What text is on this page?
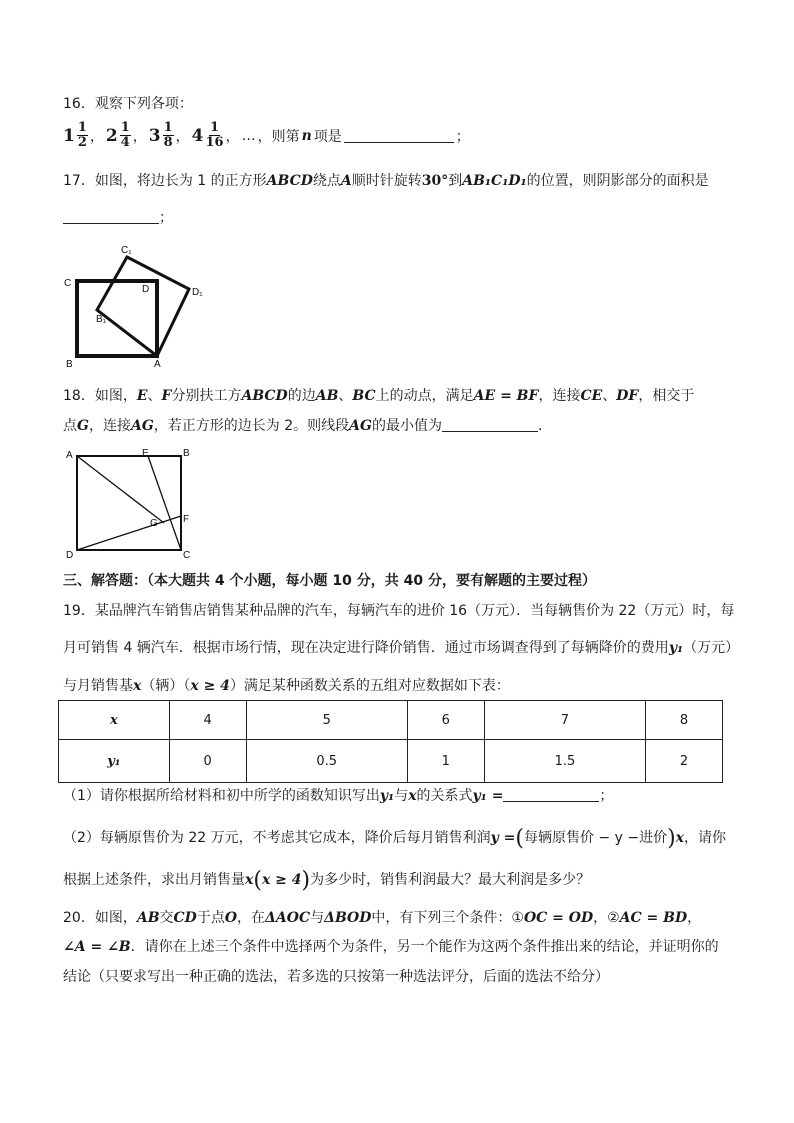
16．观察下列各项：
$1 \frac{1}{2}$ ， $2 \frac{1}{4}$ ， $3 \frac{1}{8}$ ， $4 \frac{1}{16}$ ， … ，则第 n 项是	；
17．如图，将边长为 1 的正方形ABCD绕点A顺时针旋转30°到AB₁C₁D₁的位置，则阴影部分的面积是
；
C
D
C₁
D₁
B₁
B	A
18．如图，E、F分别扶工方ABCD的边AB、BC上的动点，满足AE = BF，连接CE、DF，相交于
点G，连接AG，若正方形的边长为 2。则线段AG的最小值为	．
A	E	B
G	F
D	C
三、解答题：（本大题共 4 个小题，每小题 10 分，共 40 分，要有解题的主要过程）
19．某品牌汽车销售店销售某种品牌的汽车，每辆汽车的进价 16（万元）．当每辆售价为 22（万元）时，每
月可销售 4 辆汽车．根据市场行情，现在决定进行降价销售．通过市场调查得到了每辆降价的费用y₁（万元）
与月销售基x（辆）（x ≥ 4）满足某种函数关系的五组对应数据如下表：
x	4	5	6	7	8
y₁	0	0.5	1	1.5	2
（1）请你根据所给材料和初中所学的函数知识写出y₁与x的关系式y₁ =	；
（2）每辆原售价为 22 万元，不考虑其它成本，降价后每月销售利润y =(每辆原售价 − y −进价)x，请你
根据上述条件，求出月销售量x(x ≥ 4)为多少时，销售利润最大？最大利润是多少？
20．如图，AB交CD于点O，在ΔAOC与ΔBOD中，有下列三个条件：①OC = OD，②AC = BD，
∠A = ∠B．请你在上述三个条件中选择两个为条件，另一个能作为这两个条件推出来的结论，并证明你的
结论（只要求写出一种正确的选法，若多选的只按第一种选法评分，后面的选法不给分）
